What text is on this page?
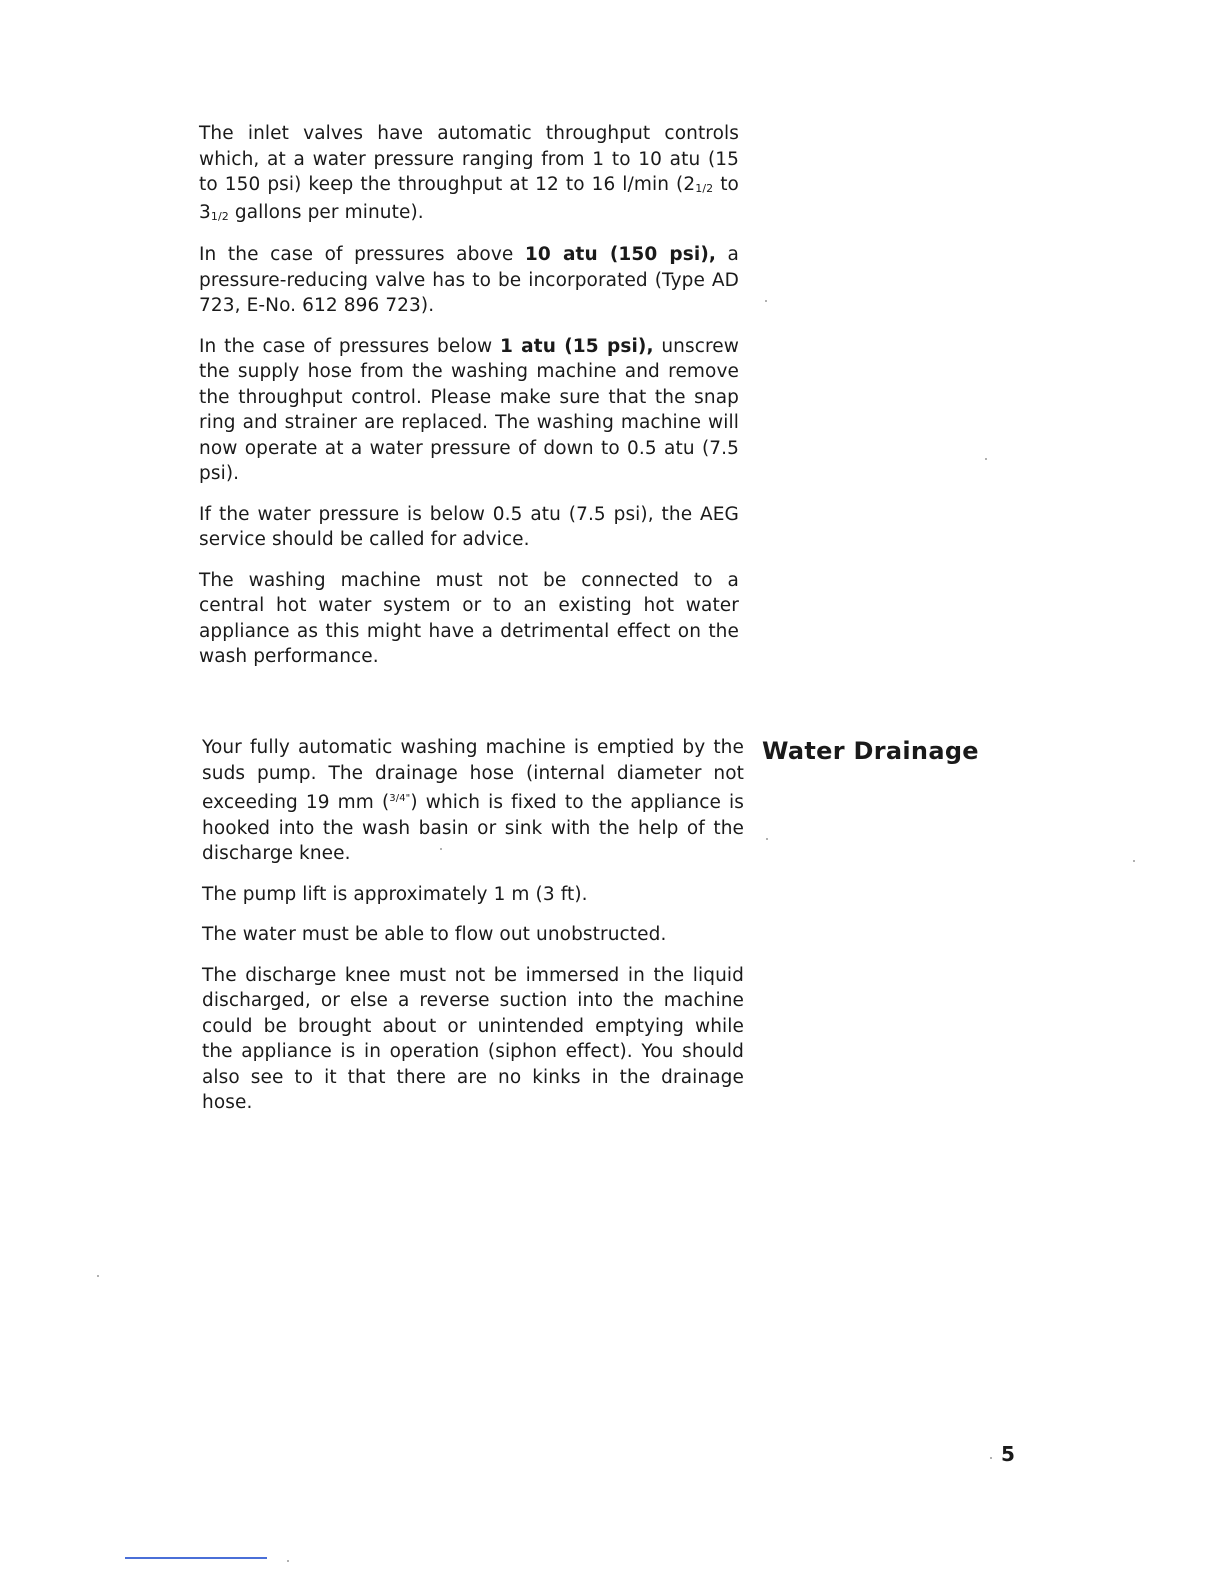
The inlet valves have automatic throughput controls which, at a water pressure ranging from 1 to 10 atu (15 to 150 psi) keep the throughput at 12 to 16 l/min (21/2 to 31/2 gallons per minute).

In the case of pressures above 10 atu (150 psi), a pressure-reducing valve has to be incorporated (Type AD 723, E-No. 612 896 723).

In the case of pressures below 1 atu (15 psi), unscrew the supply hose from the washing machine and remove the throughput control. Please make sure that the snap ring and strainer are replaced. The washing machine will now operate at a water pressure of down to 0.5 atu (7.5 psi).

If the water pressure is below 0.5 atu (7.5 psi), the AEG service should be called for advice.

The washing machine must not be connected to a central hot water system or to an existing hot water appliance as this might have a detrimental effect on the wash performance.

Water Drainage

Your fully automatic washing machine is emptied by the suds pump. The drainage hose (internal diameter not exceeding 19 mm ($^{3/4"}$) which is fixed to the appliance is hooked into the wash basin or sink with the help of the discharge knee.

The pump lift is approximately 1 m (3 ft).

The water must be able to flow out unobstructed.

The discharge knee must not be immersed in the liquid discharged, or else a reverse suction into the machine could be brought about or unintended emptying while the appliance is in operation (siphon effect). You should also see to it that there are no kinks in the drainage hose.

5
